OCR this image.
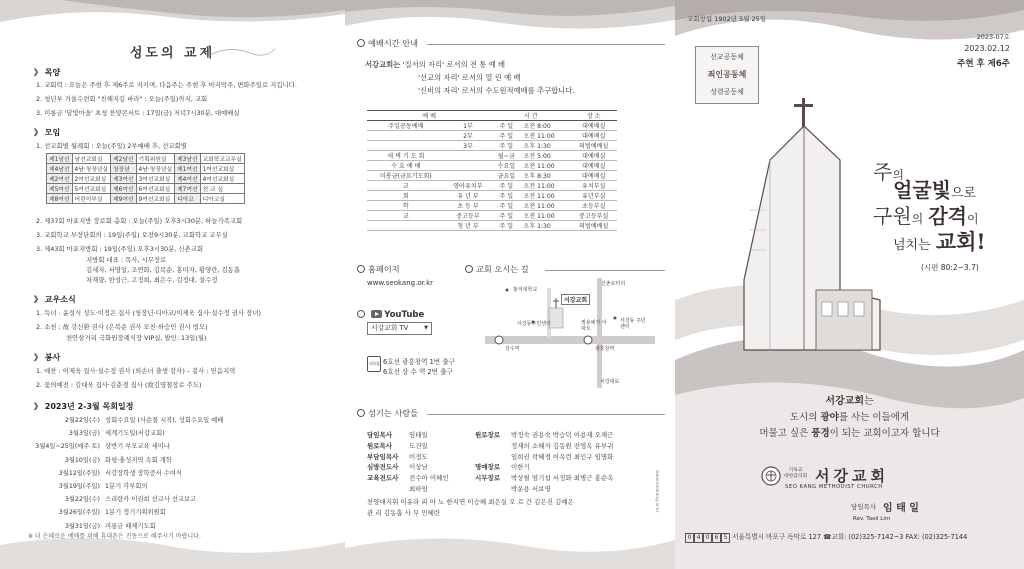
성도의 교제
》 목양
1. 교회력 : 오늘은 주현 후 제6주로 지키며, 다음주는 주현 후 마지막주, 변화주일로 지킵니다.
2. 청년부 겨울수련회 "친해지길 바라" : 오늘(주일)까지, 교회
3. 미롱금 '달빛마을' 초청 찬양콘서트 : 17일(금) 저녁7시30분, 대예배실
》 모임
1. 선교회별 월례회 : 오늘(주일) 2부예배 후, 선교회별
제1남선	남선교회실	제2남선	기획위원실	제3남선	교회학교교무실
제4남선	4남·청장년실	청장년	4남·청장년실	제1여선	1여선교회실
제2여선	2여선교회실	제3여선	3여선교회실	제4여선	4여선교회실
제5여선	5여선교회실	제6여선	6여선교회실	제7여선	친 교 실
제8여선	어린이부실	제9여선	9여선교회실	디아코	디아코실
2. 제37회 마포지방 장로회 총회 : 오늘(주일) 오후3시30분, 하늘가족교회
3. 교회학교 부장단회의 : 19일(주일) 오전9시30분, 교회학교 교무실
3. 제43회 마포지방회 : 19일(주일) 오후3시30분, 신촌교회
지방회 대표 : 목사, 시무장로
김세자, 서영일, 조연화, 김복순, 홍미자, 황영란, 김동흡
차재량, 한성근, 고정희, 최은수, 김정대, 설수정
》 교우소식
1. 득녀 : 윤성식 성도·이정은 집사 (청장년·디아코/이제욱 집사·설수정 권사 장녀)
2. 소천 : 故 강신환 권사 (은복순 권사 모친·하승민 권사 빙모)
천안삼거리 국화원장례식장 VIP실, 발인: 13일(월)
》 봉사
1. 애찬 : 이제욱 집사·설수정 권사 (외손녀 출생 감사) – 봉사 : 믿음지역
2. 꽃의예전 : 김대욱 집사·김춘경 집사 (故김영철장로 추도)
》 2023년 2-3월 목회일정
2월22일(수) 성회수요일 (사순절 시작), 성회수요일 예배
3월3일(금) 세계기도일(서강교회)
3월4일~25일(매주 토) 상반기 부모교육 세미나
3월10일(금) 화평·충성지역 속회 개학
3월12일(주일) 서강장학생 장학증서 수여식
3월19일(주일) 1분기 각부회의
3월22일(수) 스리랑카 이권희 선교사 선교보고
3월26일(주일) 1분기 정기기획위원회
3월31일(금) 미롱금 때제기도회
※ 더 은혜로운 예배를 위해 휴대폰은 진동으로 해주시기 바랍니다.
예배시간 안내
서강교회는 '질서의 자리' 로서의 전 통 예 배
'선교의 자리' 로서의 열 린 예 배
'신비의 자리' 로서의 수도원적예배를 추구합니다.
예 배		시 간		장 소
주일공동예배	1부	주 일	오전 8:00	대예배실
	2부	주 일	오전 11:00	대예배실
	3부	주 일	오후 1:30	의법예배실
새 벽 기 도 회		월~금	오전 5:00	대예배실
수 요 예 배		수요일	오전 11:00	대예배실
미롱금(금요기도회)		금요일	오후 8:30	대예배실
교	영아유치부	주 일	오전 11:00	유치부실
회	유 년 부	주 일	오전 11:00	유년부실
학	초 등 부	주 일	오전 11:00	초등부실
교	중고등부	주 일	오전 11:00	중고등부실
	청 년 부	주 일	오후 1:30	의법예배실
홈페이지
www.seokang.or.kr

YouTube
서강교회 TV	▼
지하철 6호선 광흥창역 1번 출구
6호선 상 수 역 2번 출구
교회 오시는 길
홍익대학교
신촌로터리
서강교회
서강동주민센터	쌍용예가 아파트
서강동 주민센터
상수역	광흥창역
서강대로
섬기는 사람들
담임목사	임태일
원로목사	도건일
부담임목사 이정도
심방전도사 이상남
교육전도사 전수아 이혜인
최하임
원로장로 박정숙 권용숙 박승덕 이용재 오재근
정재의 소혜자 김동원 전영옥 유부귀
임희권 곽혜경 이옥런 최인구 임명화
명예장로 이한기
시무장로 박상필 염기섭 서정화 최병근 홍순옥
박운용 서보영
찬양대지휘 이유라 피 아 노 한지연 이승혜 최은실 오 르 간 김은진 김예은
관 리 김동흡 사 무 민혜란
www.seokang.or.kr
교회창립 1902년 5월 25일
2023-07호
2023.02.12
주현 후 제6주
선교공동체
죄인공동체
성령공동체
주의
얼굴빛으로
구원의 감격이
넘치는 교회!
(시편 80:2~3.7)
서강교회는
도시의 광야를 사는 이들에게
머물고 싶은 풍경이 되는 교회이고자 합니다
기독교
대한감리회 서강교회
SEO KANG METHODIST CHURCH
담임목사 임 태 일
Rev. Taeil Lim
0 4 0 6 5 서울특별시 마포구 독막로 127 ☎교회: (02)325-7142~3 FAX: (02)325-7144
